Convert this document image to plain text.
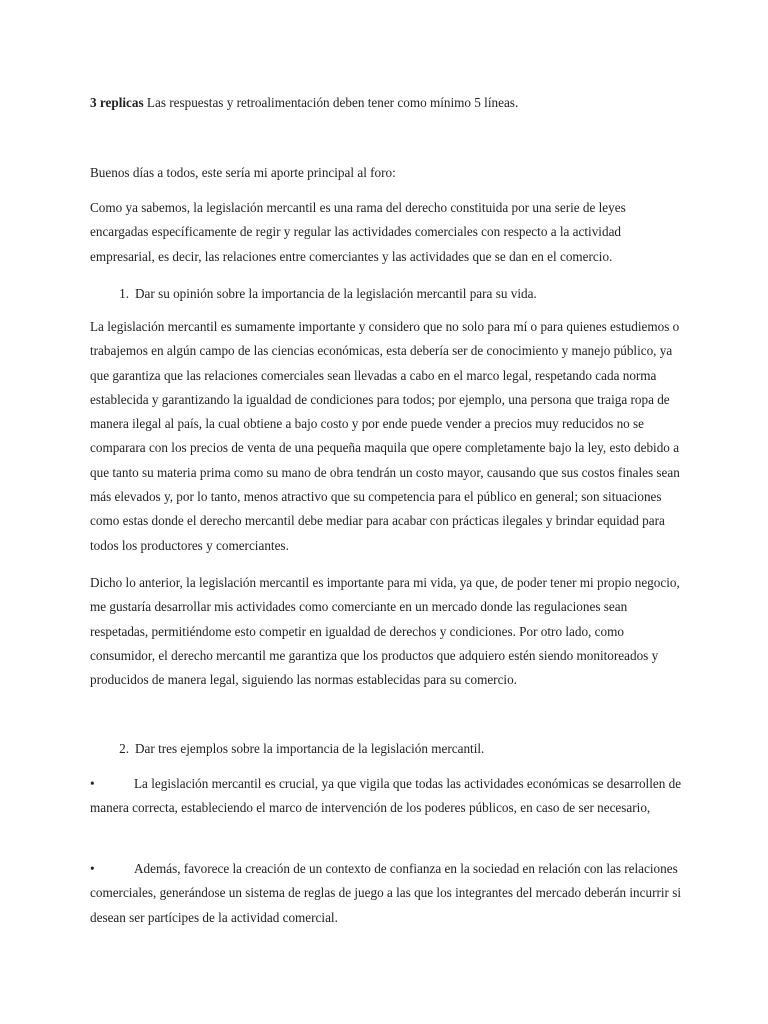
3 replicas Las respuestas y retroalimentación deben tener como mínimo 5 líneas.

Buenos días a todos, este sería mi aporte principal al foro:

Como ya sabemos, la legislación mercantil es una rama del derecho constituida por una serie de leyes encargadas específicamente de regir y regular las actividades comerciales con respecto a la actividad empresarial, es decir, las relaciones entre comerciantes y las actividades que se dan en el comercio.

1. Dar su opinión sobre la importancia de la legislación mercantil para su vida.

La legislación mercantil es sumamente importante y considero que no solo para mí o para quienes estudiemos o trabajemos en algún campo de las ciencias económicas, esta debería ser de conocimiento y manejo público, ya que garantiza que las relaciones comerciales sean llevadas a cabo en el marco legal, respetando cada norma establecida y garantizando la igualdad de condiciones para todos; por ejemplo, una persona que traiga ropa de manera ilegal al país, la cual obtiene a bajo costo y por ende puede vender a precios muy reducidos no se comparara con los precios de venta de una pequeña maquila que opere completamente bajo la ley, esto debido a que tanto su materia prima como su mano de obra tendrán un costo mayor, causando que sus costos finales sean más elevados y, por lo tanto, menos atractivo que su competencia para el público en general; son situaciones como estas donde el derecho mercantil debe mediar para acabar con prácticas ilegales y brindar equidad para todos los productores y comerciantes.

Dicho lo anterior, la legislación mercantil es importante para mi vida, ya que, de poder tener mi propio negocio, me gustaría desarrollar mis actividades como comerciante en un mercado donde las regulaciones sean respetadas, permitiéndome esto competir en igualdad de derechos y condiciones. Por otro lado, como consumidor, el derecho mercantil me garantiza que los productos que adquiero estén siendo monitoreados y producidos de manera legal, siguiendo las normas establecidas para su comercio.

2. Dar tres ejemplos sobre la importancia de la legislación mercantil.

•	La legislación mercantil es crucial, ya que vigila que todas las actividades económicas se desarrollen de manera correcta, estableciendo el marco de intervención de los poderes públicos, en caso de ser necesario,

•	Además, favorece la creación de un contexto de confianza en la sociedad en relación con las relaciones comerciales, generándose un sistema de reglas de juego a las que los integrantes del mercado deberán incurrir si desean ser partícipes de la actividad comercial.
